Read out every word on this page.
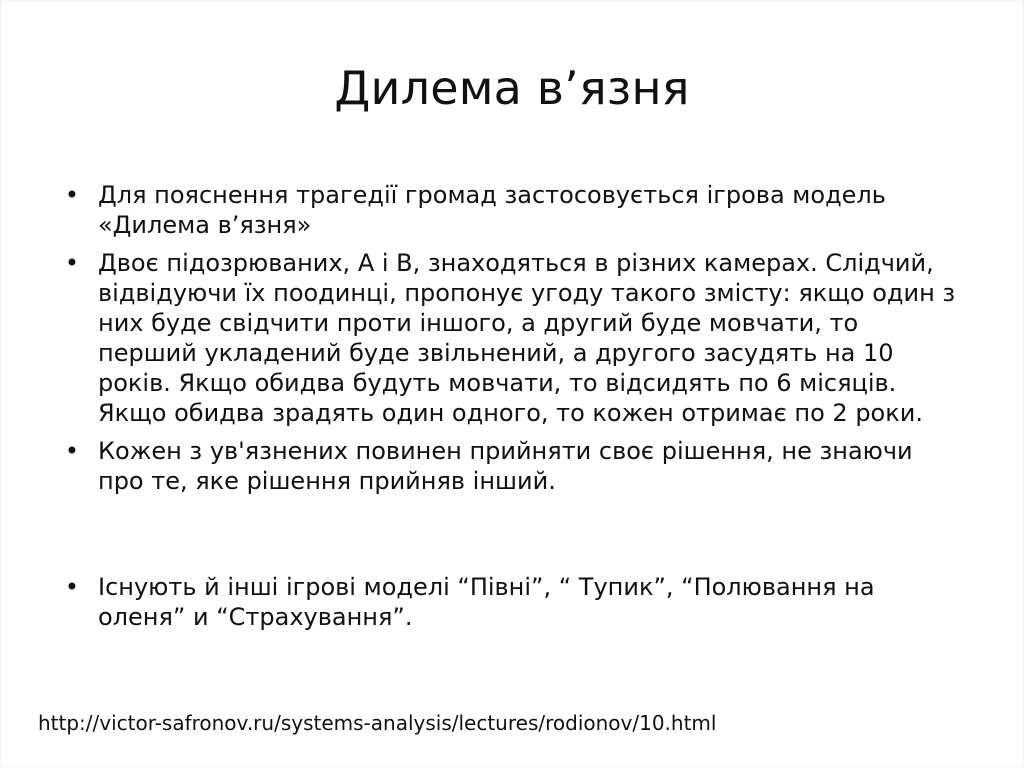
Дилема в’язня
• Для пояснення трагедії громад застосовується ігрова модель «Дилема в’язня»
• Двоє підозрюваних, А і В, знаходяться в різних камерах. Слідчий, відвідуючи їх поодинці, пропонує угоду такого змісту: якщо один з них буде свідчити проти іншого, а другий буде мовчати, то перший укладений буде звільнений, а другого засудять на 10 років. Якщо обидва будуть мовчати, то відсидять по 6 місяців. Якщо обидва зрадять один одного, то кожен отримає по 2 роки.
• Кожен з ув'язнених повинен прийняти своє рішення, не знаючи про те, яке рішення прийняв інший.
• Існують й інші ігрові моделі “Півні”, “ Тупик”, “Полювання на оленя” и “Страхування”.
http://victor-safronov.ru/systems-analysis/lectures/rodionov/10.html
